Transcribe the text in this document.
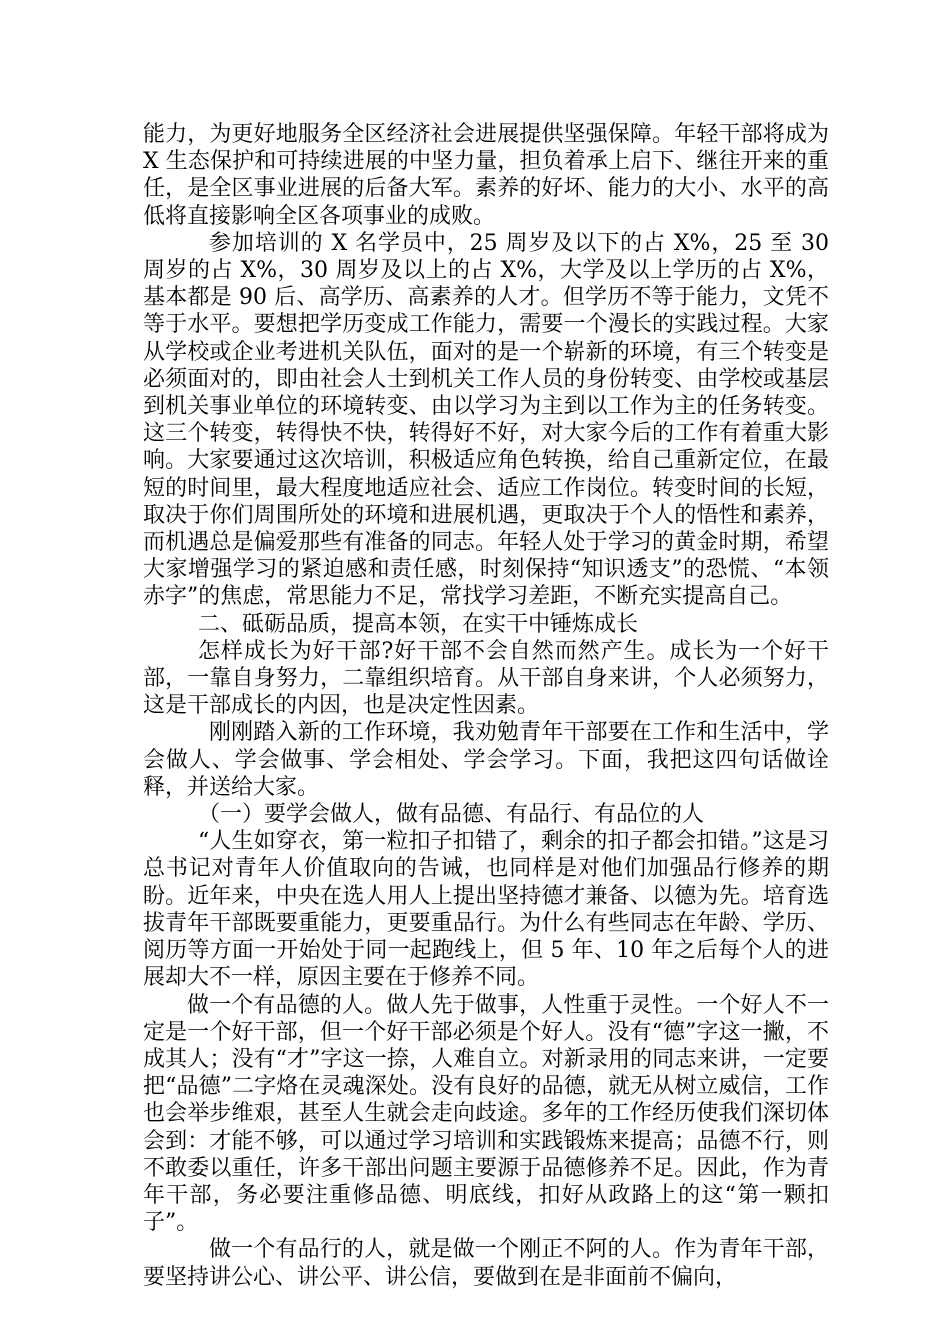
能力，为更好地服务全区经济社会进展提供坚强保障。年轻干部将成为 X 生态保护和可持续进展的中坚力量，担负着承上启下、继往开来的重任，是全区事业进展的后备大军。素养的好坏、能力的大小、水平的高低将直接影响全区各项事业的成败。

参加培训的 X 名学员中，25 周岁及以下的占 X%，25 至 30 周岁的占 X%，30 周岁及以上的占 X%，大学及以上学历的占 X%，基本都是 90 后、高学历、高素养的人才。但学历不等于能力，文凭不等于水平。要想把学历变成工作能力，需要一个漫长的实践过程。大家从学校或企业考进机关队伍，面对的是一个崭新的环境，有三个转变是必须面对的，即由社会人士到机关工作人员的身份转变、由学校或基层到机关事业单位的环境转变、由以学习为主到以工作为主的任务转变。这三个转变，转得快不快，转得好不好，对大家今后的工作有着重大影响。大家要通过这次培训，积极适应角色转换，给自己重新定位，在最短的时间里，最大程度地适应社会、适应工作岗位。转变时间的长短，取决于你们周围所处的环境和进展机遇，更取决于个人的悟性和素养，而机遇总是偏爱那些有准备的同志。年轻人处于学习的黄金时期，希望大家增强学习的紧迫感和责任感，时刻保持“知识透支”的恐慌、“本领赤字”的焦虑，常思能力不足，常找学习差距，不断充实提高自己。

二、砥砺品质，提高本领，在实干中锤炼成长

怎样成长为好干部?好干部不会自然而然产生。成长为一个好干部，一靠自身努力，二靠组织培育。从干部自身来讲，个人必须努力，这是干部成长的内因，也是决定性因素。

刚刚踏入新的工作环境，我劝勉青年干部要在工作和生活中，学会做人、学会做事、学会相处、学会学习。下面，我把这四句话做诠释，并送给大家。

（一）要学会做人，做有品德、有品行、有品位的人

“人生如穿衣，第一粒扣子扣错了，剩余的扣子都会扣错。”这是习总书记对青年人价值取向的告诫，也同样是对他们加强品行修养的期盼。近年来，中央在选人用人上提出坚持德才兼备、以德为先。培育选拔青年干部既要重能力，更要重品行。为什么有些同志在年龄、学历、阅历等方面一开始处于同一起跑线上，但 5 年、10 年之后每个人的进展却大不一样，原因主要在于修养不同。

做一个有品德的人。做人先于做事，人性重于灵性。一个好人不一定是一个好干部，但一个好干部必须是个好人。没有“德”字这一撇，不成其人；没有“才”字这一捺，人难自立。对新录用的同志来讲，一定要把“品德”二字烙在灵魂深处。没有良好的品德，就无从树立威信，工作也会举步维艰，甚至人生就会走向歧途。多年的工作经历使我们深切体会到：才能不够，可以通过学习培训和实践锻炼来提高；品德不行，则不敢委以重任，许多干部出问题主要源于品德修养不足。因此，作为青年干部，务必要注重修品德、明底线，扣好从政路上的这“第一颗扣子”。

做一个有品行的人，就是做一个刚正不阿的人。作为青年干部，要坚持讲公心、讲公平、讲公信，要做到在是非面前不偏向，
